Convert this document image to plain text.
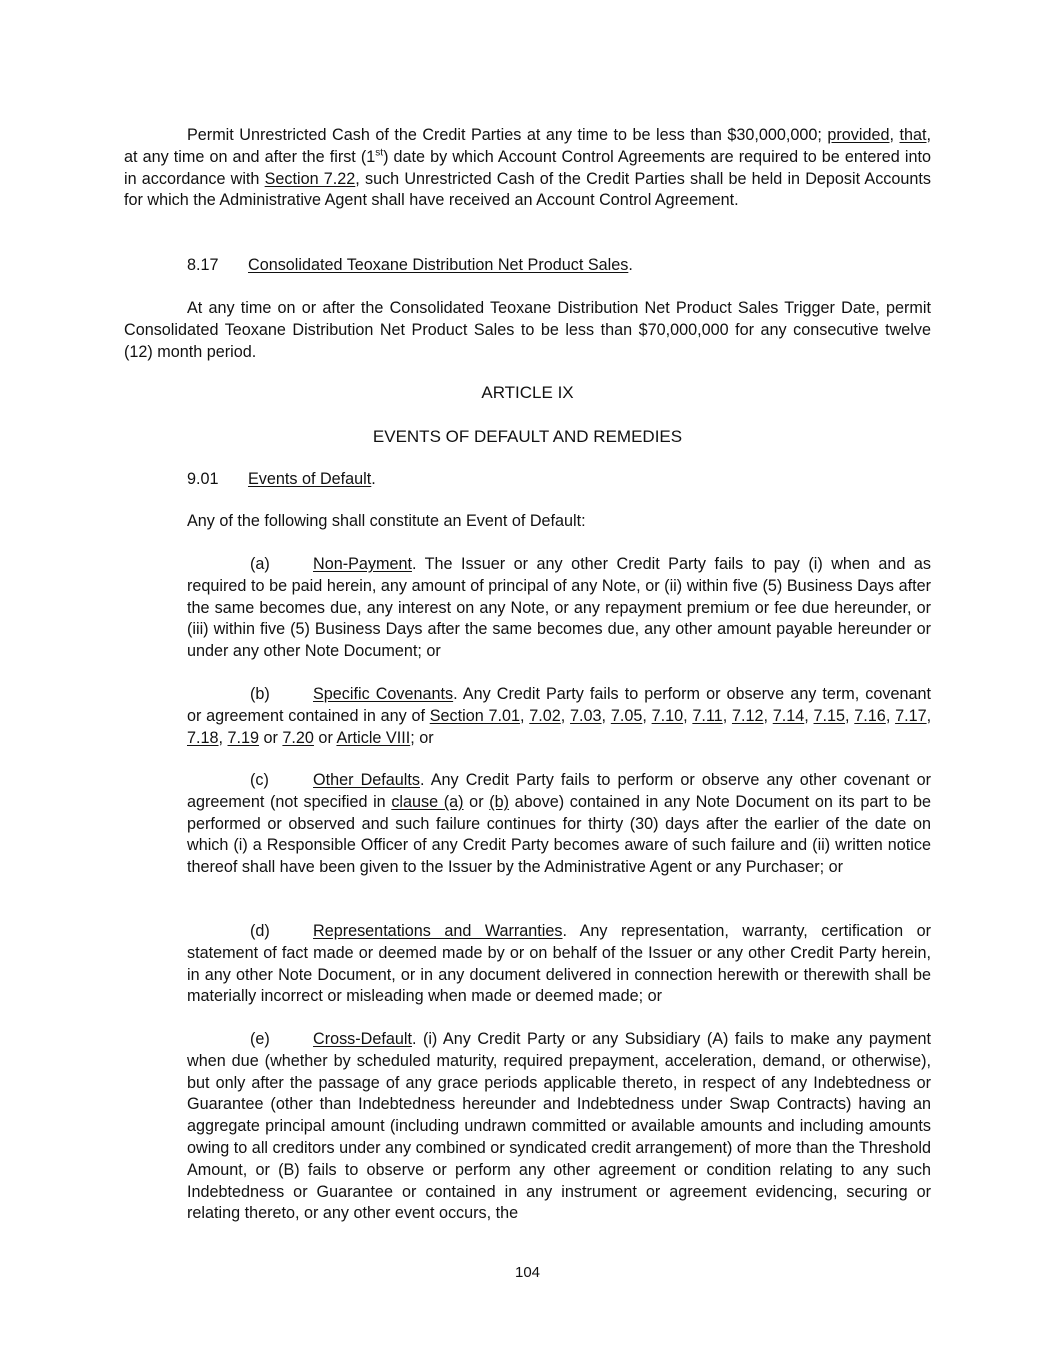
Permit Unrestricted Cash of the Credit Parties at any time to be less than $30,000,000; provided, that, at any time on and after the first (1st) date by which Account Control Agreements are required to be entered into in accordance with Section 7.22, such Unrestricted Cash of the Credit Parties shall be held in Deposit Accounts for which the Administrative Agent shall have received an Account Control Agreement.

8.17 Consolidated Teoxane Distribution Net Product Sales.

At any time on or after the Consolidated Teoxane Distribution Net Product Sales Trigger Date, permit Consolidated Teoxane Distribution Net Product Sales to be less than $70,000,000 for any consecutive twelve (12) month period.

ARTICLE IX

EVENTS OF DEFAULT AND REMEDIES

9.01 Events of Default.

Any of the following shall constitute an Event of Default:

(a)	Non-Payment. The Issuer or any other Credit Party fails to pay (i) when and as required to be paid herein, any amount of principal of any Note, or (ii) within five (5) Business Days after the same becomes due, any interest on any Note, or any repayment premium or fee due hereunder, or (iii) within five (5) Business Days after the same becomes due, any other amount payable hereunder or under any other Note Document; or

(b)	Specific Covenants. Any Credit Party fails to perform or observe any term, covenant or agreement contained in any of Section 7.01, 7.02, 7.03, 7.05, 7.10, 7.11, 7.12, 7.14, 7.15, 7.16, 7.17, 7.18, 7.19 or 7.20 or Article VIII; or

(c)	Other Defaults. Any Credit Party fails to perform or observe any other covenant or agreement (not specified in clause (a) or (b) above) contained in any Note Document on its part to be performed or observed and such failure continues for thirty (30) days after the earlier of the date on which (i) a Responsible Officer of any Credit Party becomes aware of such failure and (ii) written notice thereof shall have been given to the Issuer by the Administrative Agent or any Purchaser; or

(d)	Representations and Warranties. Any representation, warranty, certification or statement of fact made or deemed made by or on behalf of the Issuer or any other Credit Party herein, in any other Note Document, or in any document delivered in connection herewith or therewith shall be materially incorrect or misleading when made or deemed made; or

(e)	Cross-Default. (i) Any Credit Party or any Subsidiary (A) fails to make any payment when due (whether by scheduled maturity, required prepayment, acceleration, demand, or otherwise), but only after the passage of any grace periods applicable thereto, in respect of any Indebtedness or Guarantee (other than Indebtedness hereunder and Indebtedness under Swap Contracts) having an aggregate principal amount (including undrawn committed or available amounts and including amounts owing to all creditors under any combined or syndicated credit arrangement) of more than the Threshold Amount, or (B) fails to observe or perform any other agreement or condition relating to any such Indebtedness or Guarantee or contained in any instrument or agreement evidencing, securing or relating thereto, or any other event occurs, the

104
